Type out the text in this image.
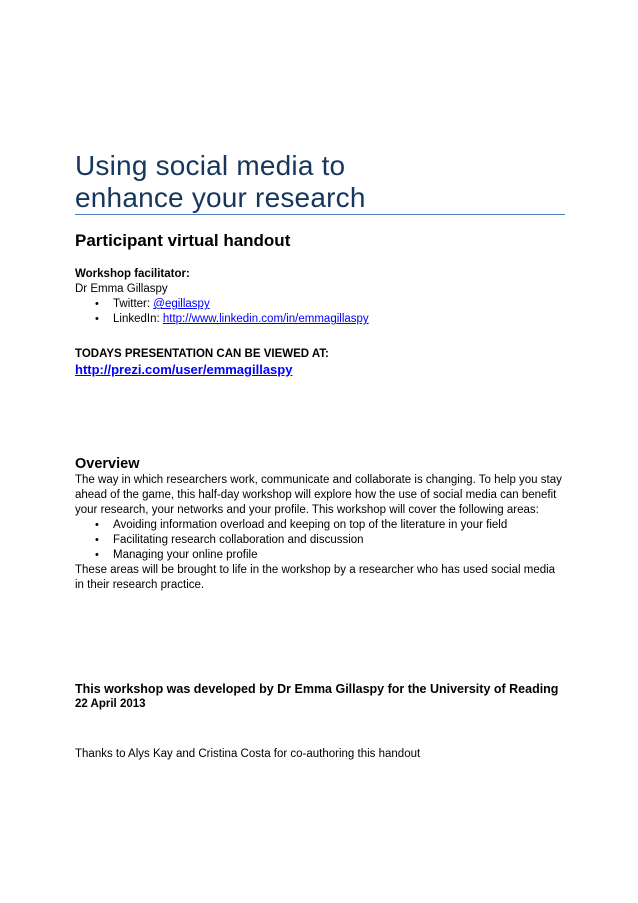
Using social media to
enhance your research
Participant virtual handout
Workshop facilitator:
Dr Emma Gillaspy
• Twitter: @egillaspy
• LinkedIn: http://www.linkedin.com/in/emmagillaspy
TODAYS PRESENTATION CAN BE VIEWED AT:
http://prezi.com/user/emmagillaspy
Overview
The way in which researchers work, communicate and collaborate is changing. To help you stay
ahead of the game, this half-day workshop will explore how the use of social media can benefit
your research, your networks and your profile. This workshop will cover the following areas:
• Avoiding information overload and keeping on top of the literature in your field
• Facilitating research collaboration and discussion
• Managing your online profile
These areas will be brought to life in the workshop by a researcher who has used social media
in their research practice.
This workshop was developed by Dr Emma Gillaspy for the University of Reading
22 April 2013
Thanks to Alys Kay and Cristina Costa for co-authoring this handout
